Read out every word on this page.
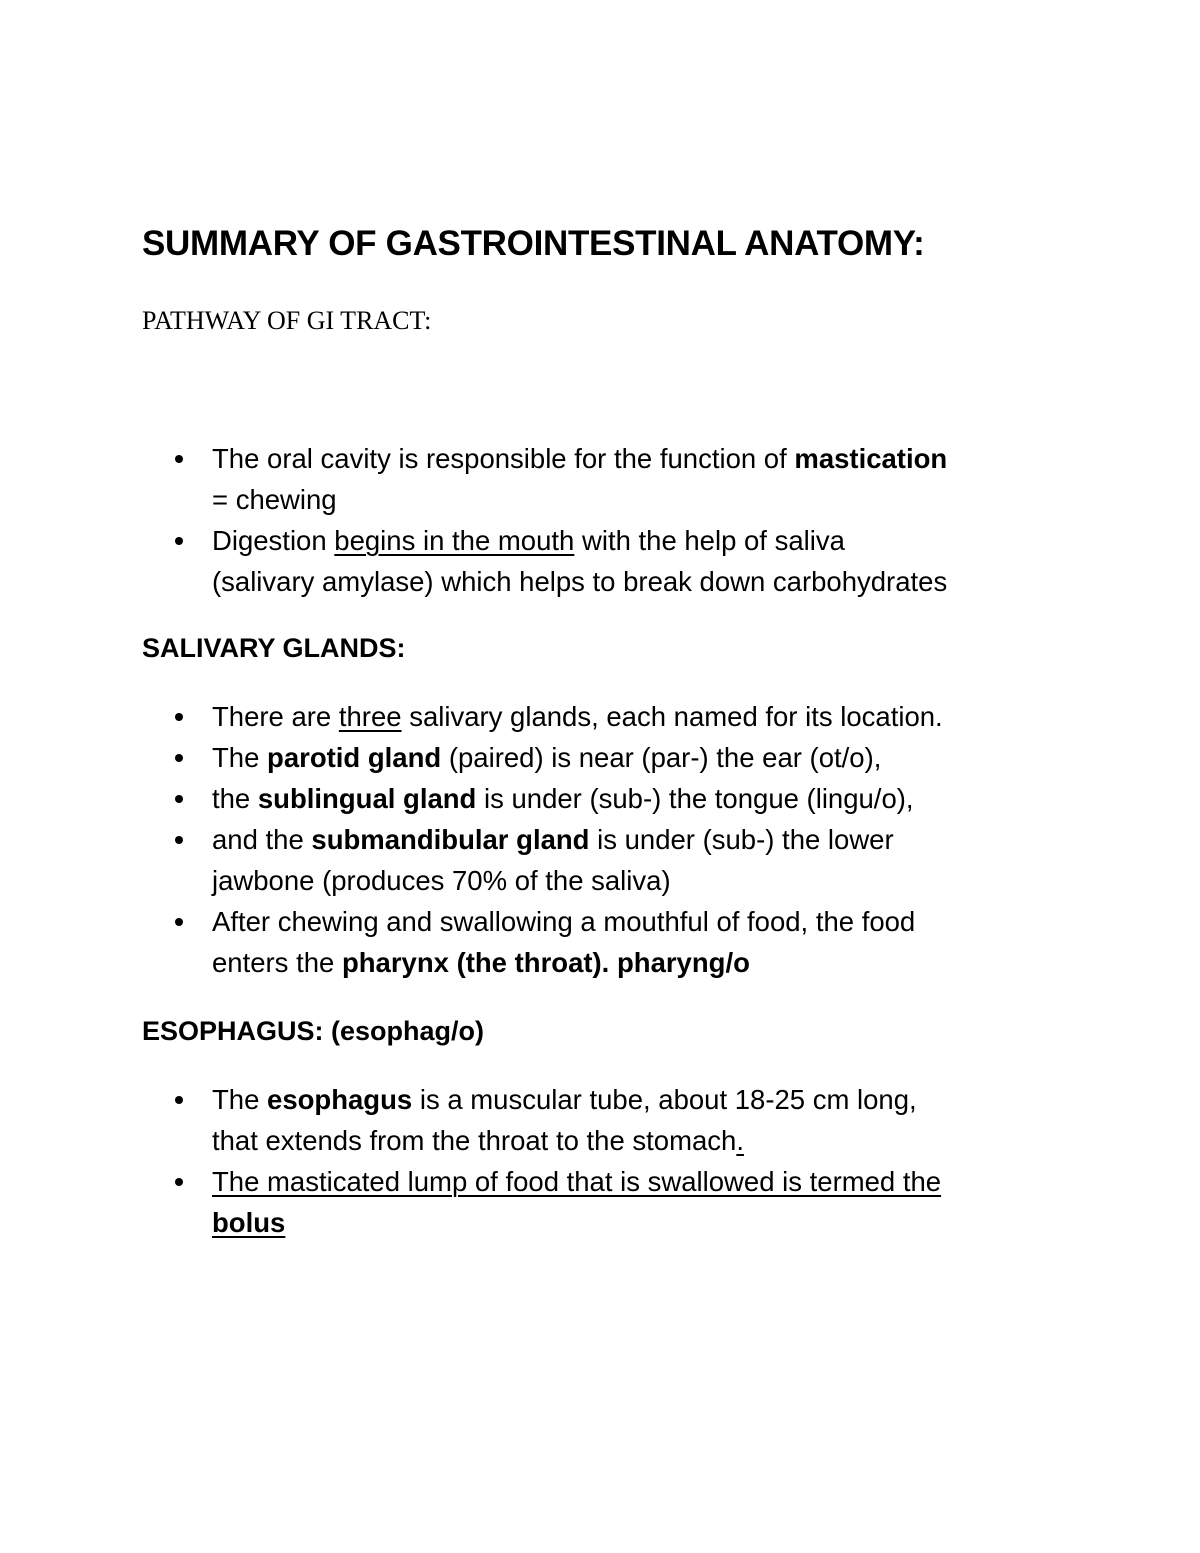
SUMMARY OF GASTROINTESTINAL ANATOMY:
PATHWAY OF GI TRACT:
The oral cavity is responsible for the function of mastication
= chewing
Digestion begins in the mouth with the help of saliva
(salivary amylase) which helps to break down carbohydrates
SALIVARY GLANDS:
There are three salivary glands, each named for its location.
The parotid gland (paired) is near (par-) the ear (ot/o),
the sublingual gland is under (sub-) the tongue (lingu/o),
and the submandibular gland is under (sub-) the lower
jawbone (produces 70% of the saliva)
After chewing and swallowing a mouthful of food, the food
enters the pharynx (the throat). pharyng/o
ESOPHAGUS: (esophag/o)
The esophagus is a muscular tube, about 18-25 cm long,
that extends from the throat to the stomach.
The masticated lump of food that is swallowed is termed the
bolus
